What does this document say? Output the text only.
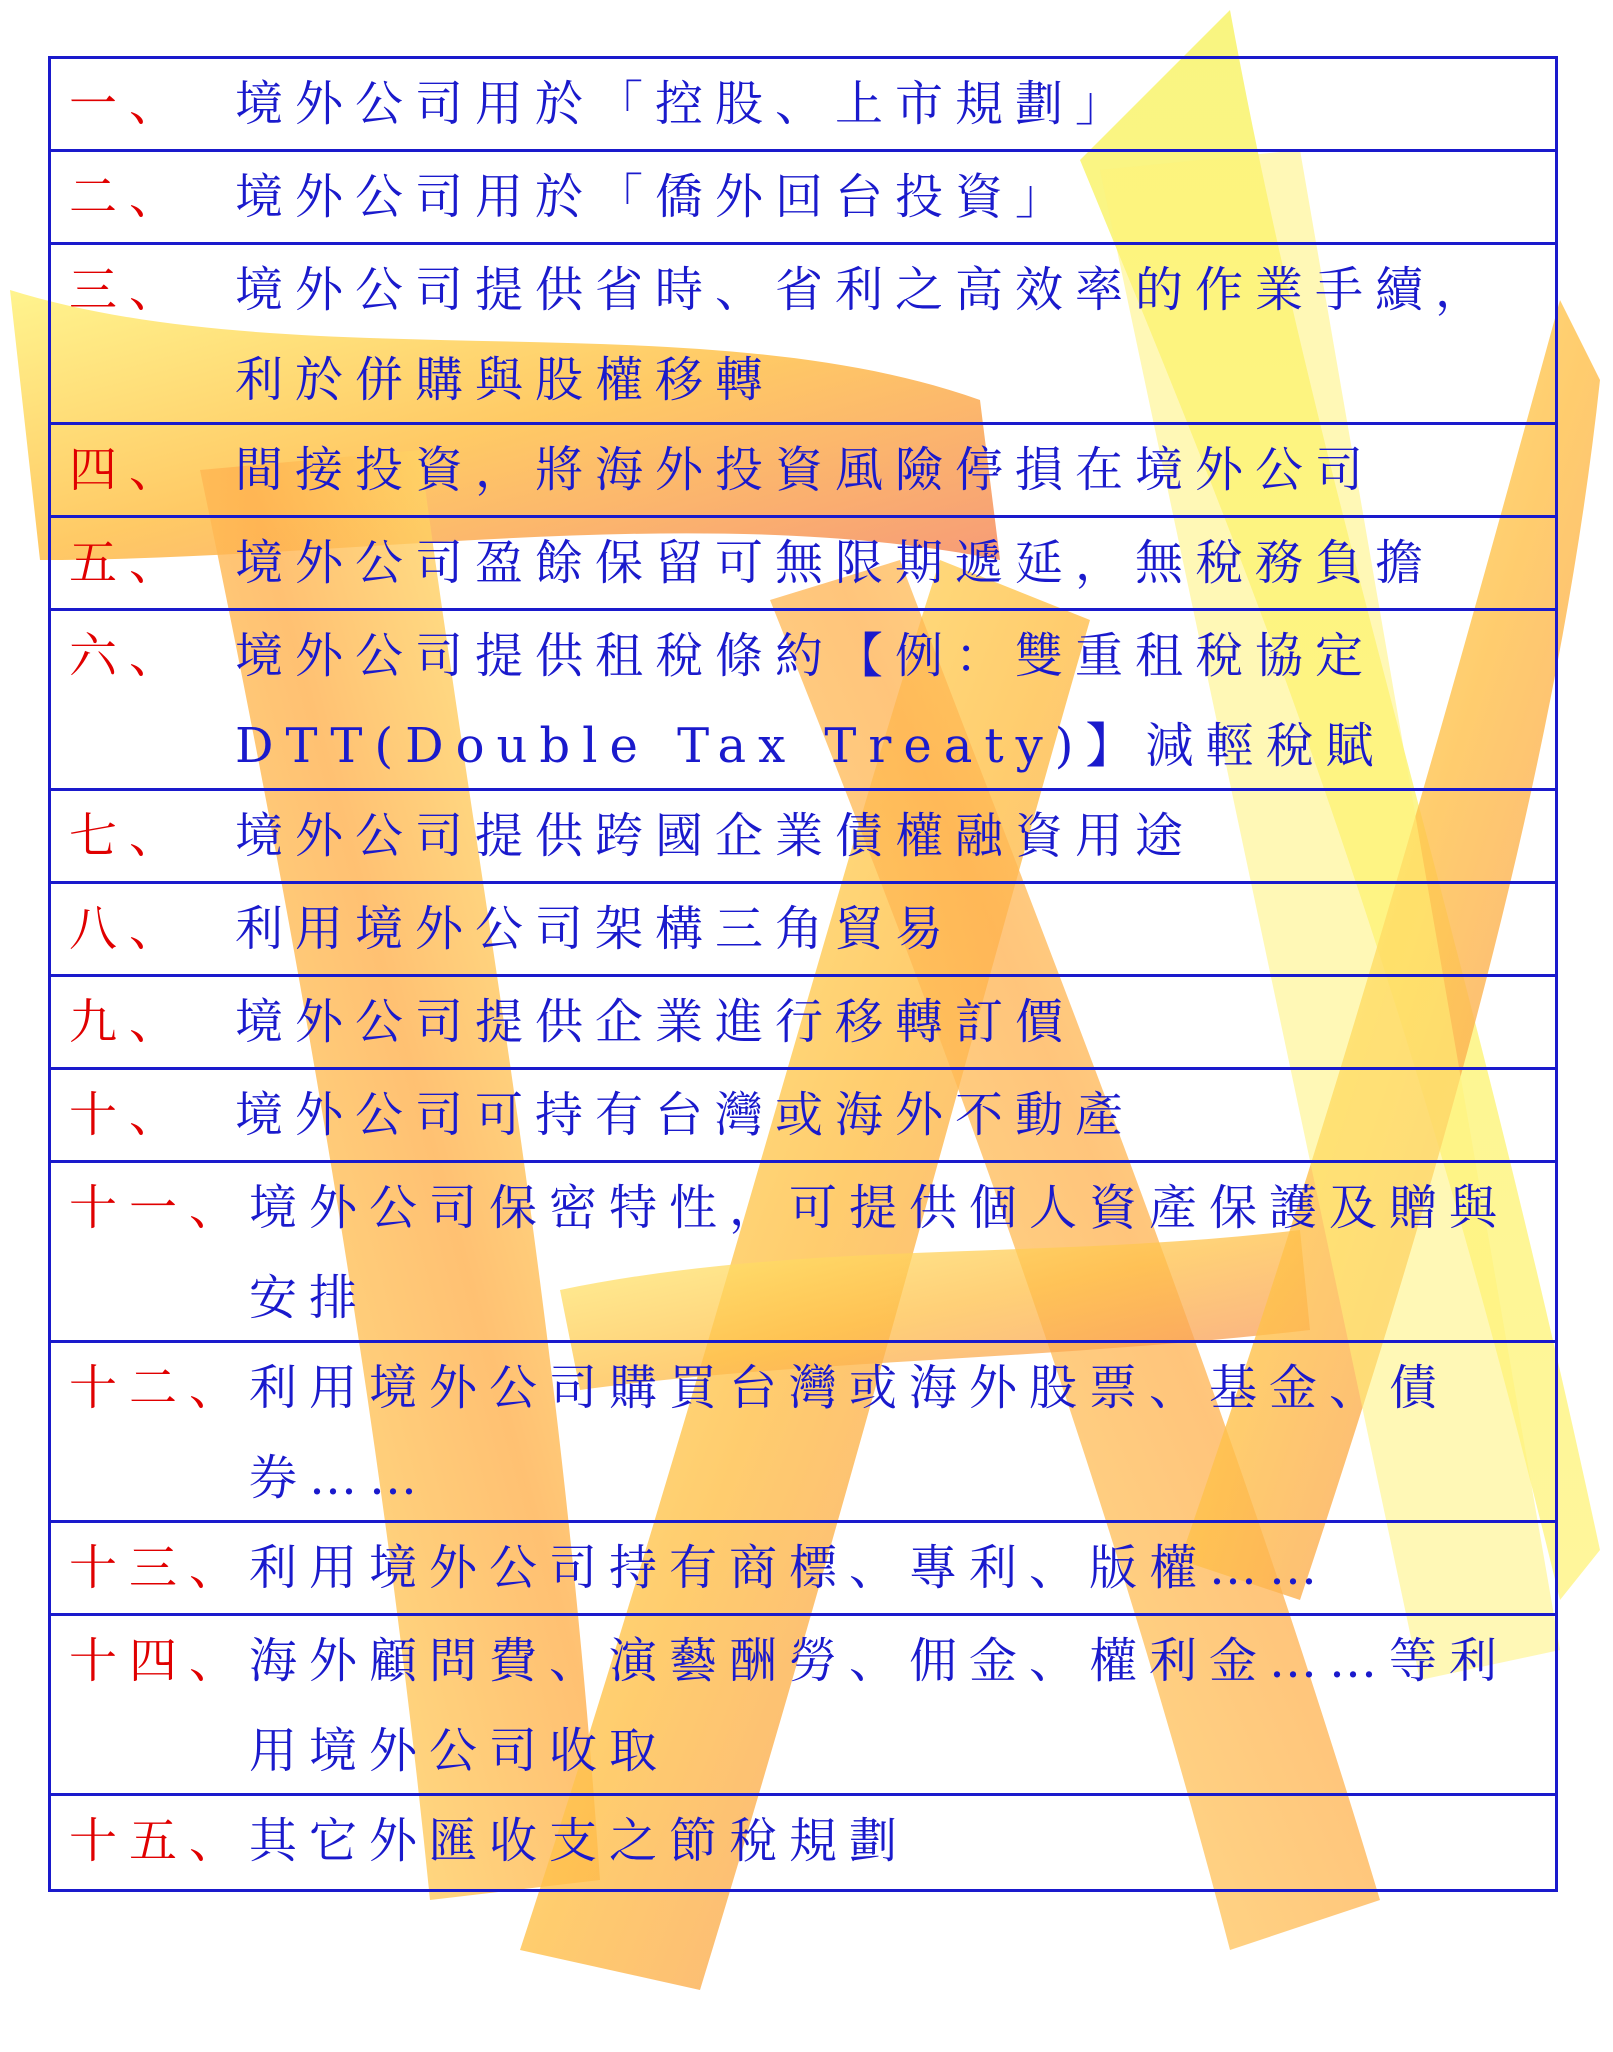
一、 境外公司用於「控股、上市規劃」
二、 境外公司用於「僑外回台投資」
三、 境外公司提供省時、省利之高效率的作業手續，利於併購與股權移轉
四、 間接投資，將海外投資風險停損在境外公司
五、 境外公司盈餘保留可無限期遞延，無稅務負擔
六、 境外公司提供租稅條約【例：雙重租稅協定 DTT(Double Tax Treaty)】減輕稅賦
七、 境外公司提供跨國企業債權融資用途
八、 利用境外公司架構三角貿易
九、 境外公司提供企業進行移轉訂價
十、 境外公司可持有台灣或海外不動產
十一、 境外公司保密特性，可提供個人資產保護及贈與安排
十二、 利用境外公司購買台灣或海外股票、基金、債券……
十三、 利用境外公司持有商標、專利、版權……
十四、 海外顧問費、演藝酬勞、佣金、權利金……等利用境外公司收取
十五、 其它外匯收支之節稅規劃
